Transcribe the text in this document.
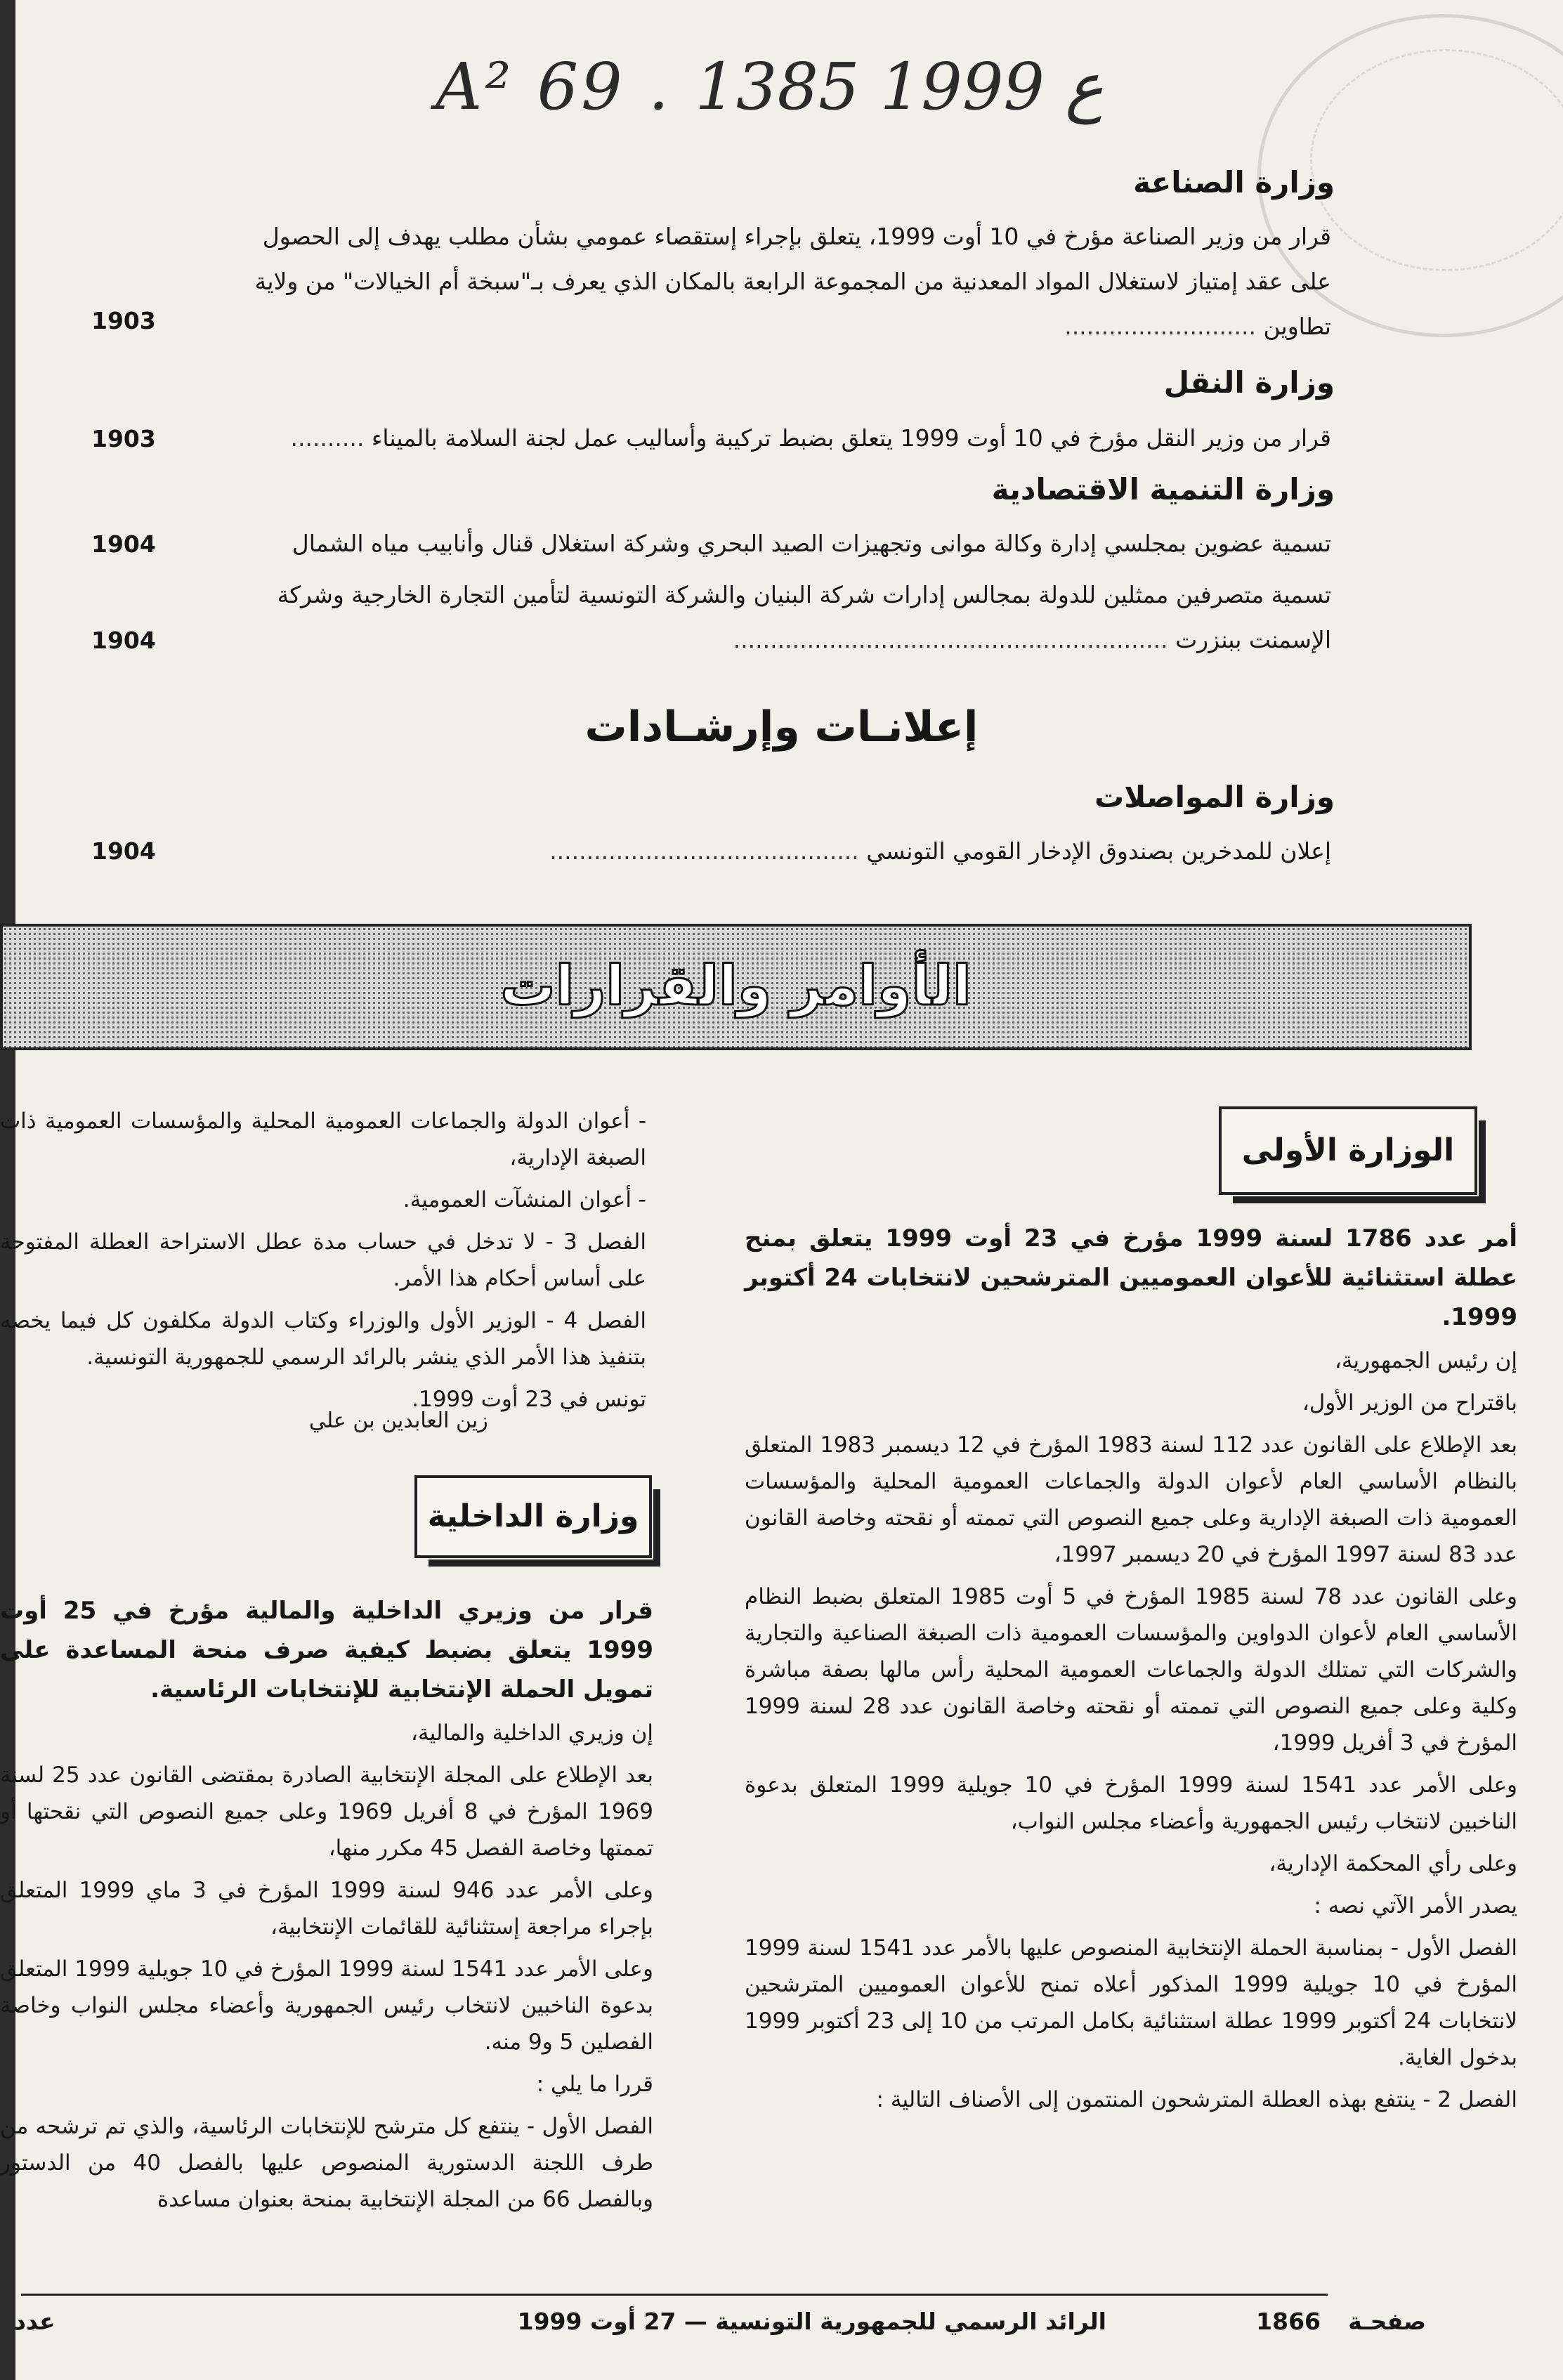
A² 69 . ع 1999 1385
وزارة الصناعة
قرار من وزير الصناعة مؤرخ في 10 أوت 1999، يتعلق بإجراء إستقصاء عمومي بشأن مطلب يهدف إلى الحصول على عقد إمتياز لاستغلال المواد المعدنية من المجموعة الرابعة بالمكان الذي يعرف بـ"سبخة أم الخيالات" من ولاية تطاوين ..........................
1903
وزارة النقل
قرار من وزير النقل مؤرخ في 10 أوت 1999 يتعلق بضبط تركيبة وأساليب عمل لجنة السلامة بالميناء ..........
1903
وزارة التنمية الاقتصادية
تسمية عضوين بمجلسي إدارة وكالة موانى وتجهيزات الصيد البحري وشركة استغلال قنال وأنابيب مياه الشمال
1904
تسمية متصرفين ممثلين للدولة بمجالس إدارات شركة البنيان والشركة التونسية لتأمين التجارة الخارجية وشركة الإسمنت ببنزرت ...........................................................
1904
إعلانـات وإرشـادات
وزارة المواصلات
إعلان للمدخرين بصندوق الإدخار القومي التونسي ..........................................
1904
الأوامر والقرارات
الوزارة الأولى

أمر عدد 1786 لسنة 1999 مؤرخ في 23 أوت 1999 يتعلق بمنح عطلة استثنائية للأعوان العموميين المترشحين لانتخابات 24 أكتوبر 1999.

إن رئيس الجمهورية،

باقتراح من الوزير الأول،

بعد الإطلاع على القانون عدد 112 لسنة 1983 المؤرخ في 12 ديسمبر 1983 المتعلق بالنظام الأساسي العام لأعوان الدولة والجماعات العمومية المحلية والمؤسسات العمومية ذات الصبغة الإدارية وعلى جميع النصوص التي تممته أو نقحته وخاصة القانون عدد 83 لسنة 1997 المؤرخ في 20 ديسمبر 1997،

وعلى القانون عدد 78 لسنة 1985 المؤرخ في 5 أوت 1985 المتعلق بضبط النظام الأساسي العام لأعوان الدواوين والمؤسسات العمومية ذات الصبغة الصناعية والتجارية والشركات التي تمتلك الدولة والجماعات العمومية المحلية رأس مالها بصفة مباشرة وكلية وعلى جميع النصوص التي تممته أو نقحته وخاصة القانون عدد 28 لسنة 1999 المؤرخ في 3 أفريل 1999،

وعلى الأمر عدد 1541 لسنة 1999 المؤرخ في 10 جويلية 1999 المتعلق بدعوة الناخبين لانتخاب رئيس الجمهورية وأعضاء مجلس النواب،

وعلى رأي المحكمة الإدارية،

يصدر الأمر الآتي نصه :

الفصل الأول - بمناسبة الحملة الإنتخابية المنصوص عليها بالأمر عدد 1541 لسنة 1999 المؤرخ في 10 جويلية 1999 المذكور أعلاه تمنح للأعوان العموميين المترشحين لانتخابات 24 أكتوبر 1999 عطلة استثنائية بكامل المرتب من 10 إلى 23 أكتوبر 1999 بدخول الغاية.

الفصل 2 - ينتفع بهذه العطلة المترشحون المنتمون إلى الأصناف التالية :

- أعوان الدولة والجماعات العمومية المحلية والمؤسسات العمومية ذات الصبغة الإدارية،

- أعوان المنشآت العمومية.

الفصل 3 - لا تدخل في حساب مدة عطل الاستراحة العطلة المفتوحة على أساس أحكام هذا الأمر.

الفصل 4 - الوزير الأول والوزراء وكتاب الدولة مكلفون كل فيما يخصه بتنفيذ هذا الأمر الذي ينشر بالرائد الرسمي للجمهورية التونسية.

تونس في 23 أوت 1999.

زين العابدين بن علي
وزارة الداخلية

قرار من وزيري الداخلية والمالية مؤرخ في 25 أوت 1999 يتعلق بضبط كيفية صرف منحة المساعدة على تمويل الحملة الإنتخابية للإنتخابات الرئاسية.

إن وزيري الداخلية والمالية،

بعد الإطلاع على المجلة الإنتخابية الصادرة بمقتضى القانون عدد 25 لسنة 1969 المؤرخ في 8 أفريل 1969 وعلى جميع النصوص التي نقحتها أو تممتها وخاصة الفصل 45 مكرر منها،

وعلى الأمر عدد 946 لسنة 1999 المؤرخ في 3 ماي 1999 المتعلق بإجراء مراجعة إستثنائية للقائمات الإنتخابية،

وعلى الأمر عدد 1541 لسنة 1999 المؤرخ في 10 جويلية 1999 المتعلق بدعوة الناخبين لانتخاب رئيس الجمهورية وأعضاء مجلس النواب وخاصة الفصلين 5 و9 منه.

قررا ما يلي :

الفصل الأول - ينتفع كل مترشح للإنتخابات الرئاسية، والذي تم ترشحه من طرف اللجنة الدستورية المنصوص عليها بالفصل 40 من الدستور وبالفصل 66 من المجلة الإنتخابية بمنحة بعنوان مساعدة

صفحـة
1866
الرائد الرسمي للجمهورية التونسية — 27 أوت 1999
عدد
